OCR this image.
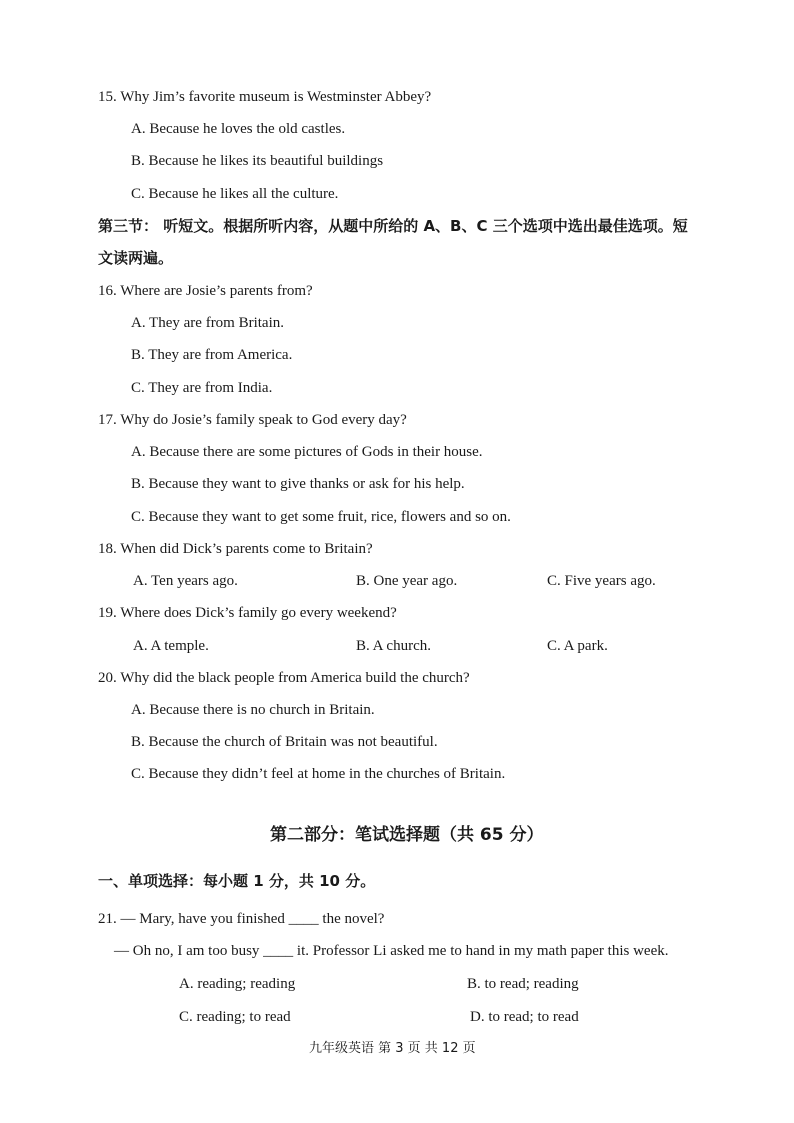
15. Why Jim’s favorite museum is Westminster Abbey?
A. Because he loves the old castles.
B. Because he likes its beautiful buildings
C. Because he likes all the culture.
第三节： 听短文。根据所听内容，从题中所给的 A、B、C 三个选项中选出最佳选项。短
文读两遍。
16. Where are Josie’s parents from?
A. They are from Britain.
B. They are from America.
C. They are from India.
17. Why do Josie’s family speak to God every day?
A. Because there are some pictures of Gods in their house.
B. Because they want to give thanks or ask for his help.
C. Because they want to get some fruit, rice, flowers and so on.
18. When did Dick’s parents come to Britain?
A. Ten years ago.	B. One year ago.	C. Five years ago.
19. Where does Dick’s family go every weekend?
A. A temple.	B. A church.	C. A park.
20. Why did the black people from America build the church?
A. Because there is no church in Britain.
B. Because the church of Britain was not beautiful.
C. Because they didn’t feel at home in the churches of Britain.
第二部分：笔试选择题（共 65 分）
一、单项选择：每小题 1 分，共 10 分。
21. — Mary, have you finished ____ the novel?
— Oh no, I am too busy ____ it. Professor Li asked me to hand in my math paper this week.
A. reading; reading	B. to read; reading
C. reading; to read	D. to read; to read
九年级英语 第 3 页 共 12 页
